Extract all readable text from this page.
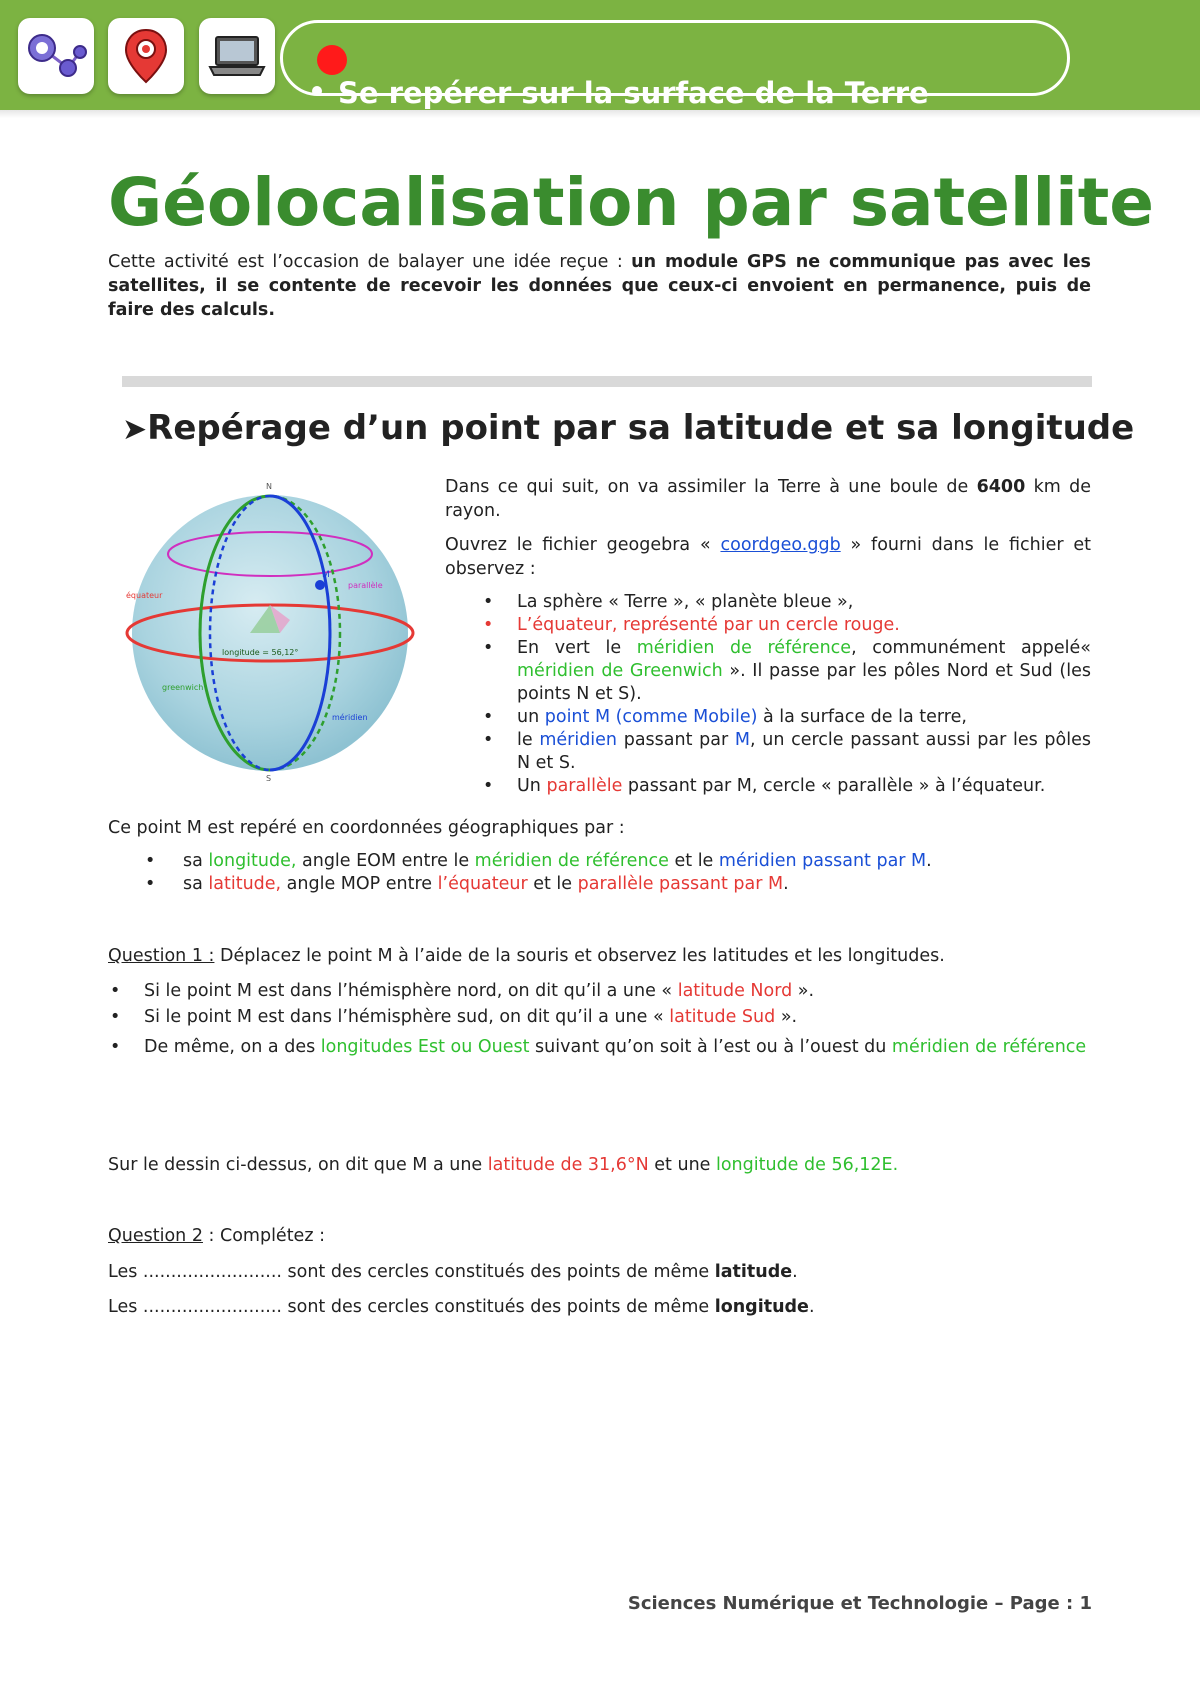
Se repérer sur la surface de la Terre
Géolocalisation par satellite
Cette activité est l’occasion de balayer une idée reçue : un module GPS ne communique pas avec les satellites, il se contente de recevoir les données que ceux-ci envoient en permanence, puis de faire des calculs.
➤Repérage d’un point par sa latitude et sa longitude
M
N
S
équateur
parallèle
greenwich
méridien
longitude = 56,12°

Dans ce qui suit, on va assimiler la Terre à une boule de 6400 km de rayon.

Ouvrez le fichier geogebra « coordgeo.ggb » fourni dans le fichier et observez :

• La sphère « Terre », « planète bleue »,
• L’équateur, représenté par un cercle rouge.
• En vert le méridien de référence, communément appelé« méridien de Greenwich ». Il passe par les pôles Nord et Sud (les points N et S).
• un point M (comme Mobile) à la surface de la terre,
• le méridien passant par M, un cercle passant aussi par les pôles N et S.
• Un parallèle passant par M, cercle « parallèle » à l’équateur.
Ce point M est repéré en coordonnées géographiques par :
• sa longitude, angle EOM entre le méridien de référence et le méridien passant par M.
• sa latitude, angle MOP entre l’équateur et le parallèle passant par M.
Question 1 : Déplacez le point M à l’aide de la souris et observez les latitudes et les longitudes.
• Si le point M est dans l’hémisphère nord, on dit qu’il a une « latitude Nord ».
• Si le point M est dans l’hémisphère sud, on dit qu’il a une « latitude Sud ».
• De même, on a des longitudes Est ou Ouest suivant qu’on soit à l’est ou à l’ouest du méridien de référence
Sur le dessin ci-dessus, on dit que M a une latitude de 31,6°N et une longitude de 56,12E.
Question 2 : Complétez :
Les ......................... sont des cercles constitués des points de même latitude.
Les ......................... sont des cercles constitués des points de même longitude.
Sciences Numérique et Technologie – Page : 1
